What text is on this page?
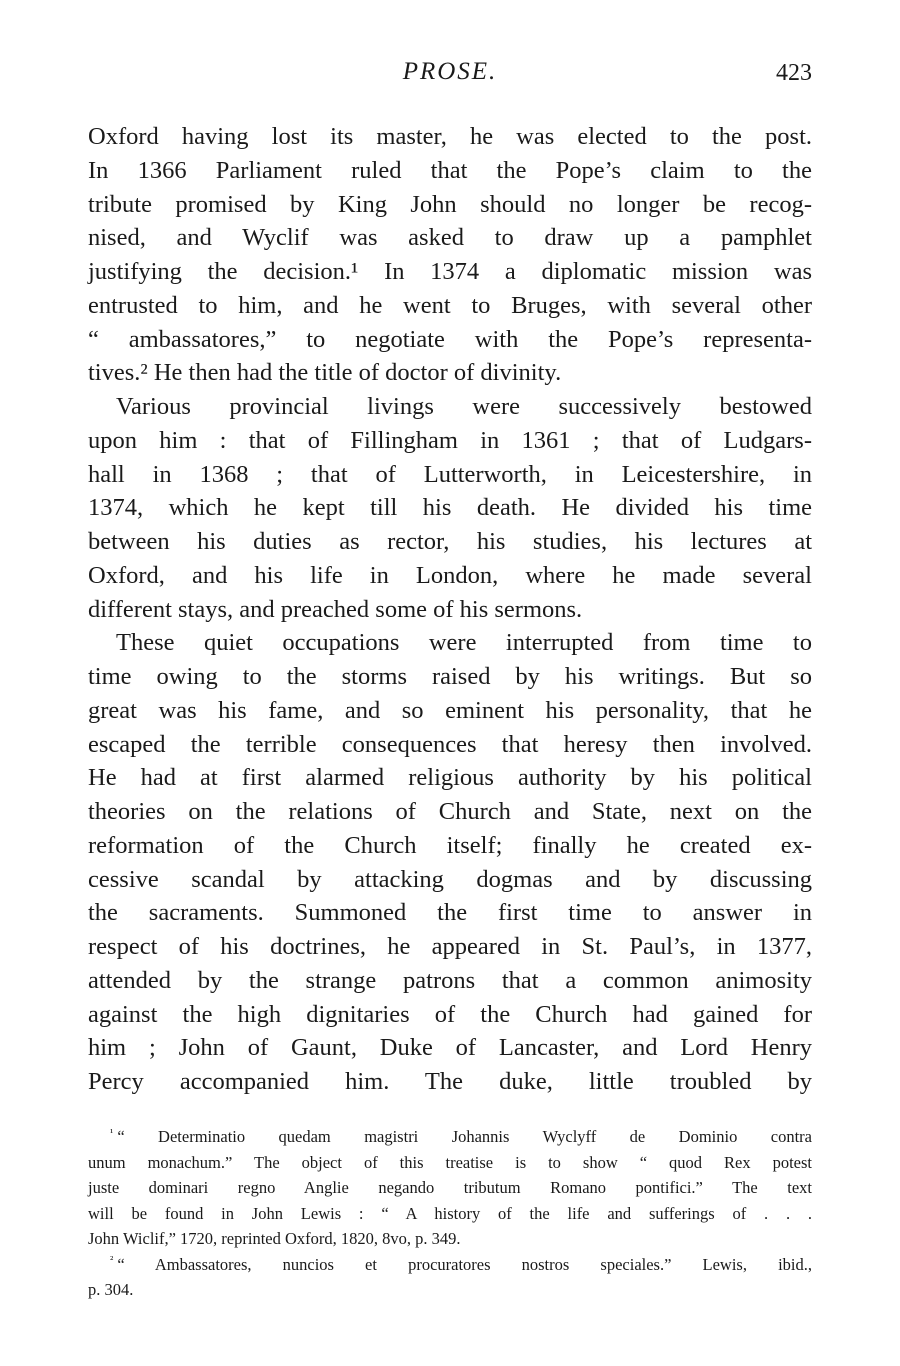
PROSE.	423
Oxford having lost its master, he was elected to the post.
In 1366 Parliament ruled that the Pope’s claim to the
tribute promised by King John should no longer be recog-
nised, and Wyclif was asked to draw up a pamphlet
justifying the decision.¹ In 1374 a diplomatic mission was
entrusted to him, and he went to Bruges, with several other
“ ambassatores,” to negotiate with the Pope’s representa-
tives.² He then had the title of doctor of divinity.
Various provincial livings were successively bestowed
upon him : that of Fillingham in 1361 ; that of Ludgars-
hall in 1368 ; that of Lutterworth, in Leicestershire, in
1374, which he kept till his death. He divided his time
between his duties as rector, his studies, his lectures at
Oxford, and his life in London, where he made several
different stays, and preached some of his sermons.
These quiet occupations were interrupted from time to
time owing to the storms raised by his writings. But so
great was his fame, and so eminent his personality, that he
escaped the terrible consequences that heresy then involved.
He had at first alarmed religious authority by his political
theories on the relations of Church and State, next on the
reformation of the Church itself; finally he created ex-
cessive scandal by attacking dogmas and by discussing
the sacraments. Summoned the first time to answer in
respect of his doctrines, he appeared in St. Paul’s, in 1377,
attended by the strange patrons that a common animosity
against the high dignitaries of the Church had gained for
him ; John of Gaunt, Duke of Lancaster, and Lord Henry
Percy accompanied him. The duke, little troubled by
$^{^1}$ “ Determinatio quedam magistri Johannis Wyclyff de Dominio contra
unum monachum.” The object of this treatise is to show “ quod Rex potest
juste dominari regno Anglie negando tributum Romano pontifici.” The text
will be found in John Lewis : “ A history of the life and sufferings of . . .
John Wiclif,” 1720, reprinted Oxford, 1820, 8vo, p. 349.
$^{^2}$ “ Ambassatores, nuncios et procuratores nostros speciales.” Lewis, ibid.,
p. 304.
